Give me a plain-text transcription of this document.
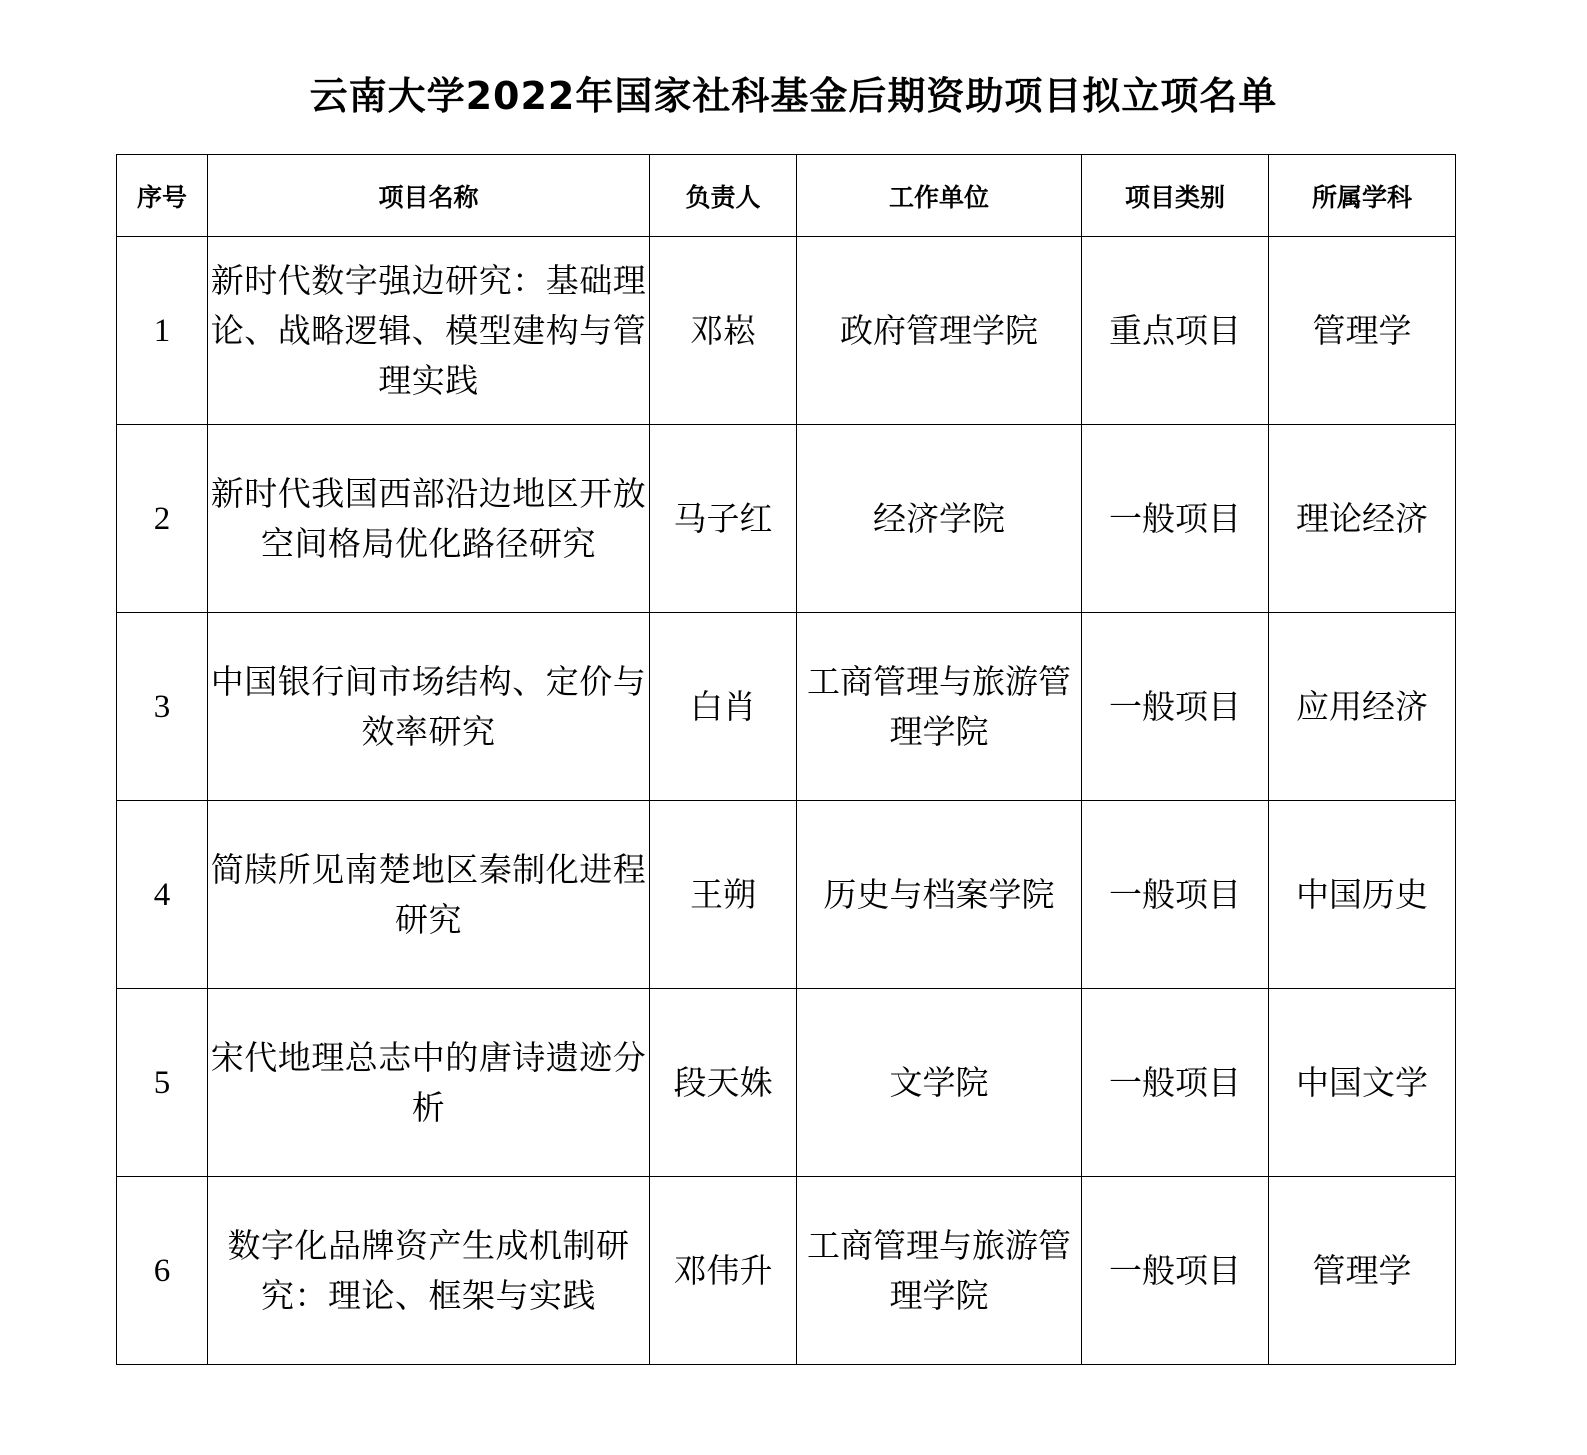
云南大学2022年国家社科基金后期资助项目拟立项名单
序号	项目名称	负责人	工作单位	项目类别	所属学科
1	新时代数字强边研究：基础理论、战略逻辑、模型建构与管理实践	邓崧	政府管理学院	重点项目	管理学
2	新时代我国西部沿边地区开放空间格局优化路径研究	马子红	经济学院	一般项目	理论经济
3	中国银行间市场结构、定价与效率研究	白肖	工商管理与旅游管理学院	一般项目	应用经济
4	简牍所见南楚地区秦制化进程研究	王朔	历史与档案学院	一般项目	中国历史
5	宋代地理总志中的唐诗遗迹分析	段天姝	文学院	一般项目	中国文学
6	数字化品牌资产生成机制研究：理论、框架与实践	邓伟升	工商管理与旅游管理学院	一般项目	管理学
